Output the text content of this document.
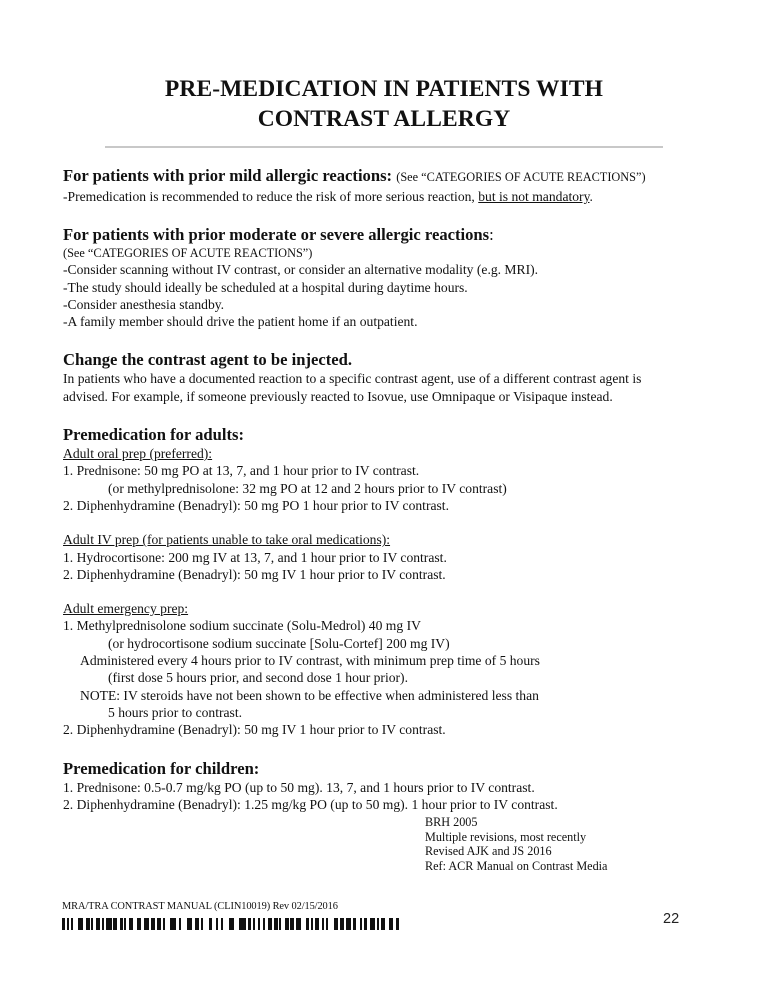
PRE-MEDICATION IN PATIENTS WITH
CONTRAST ALLERGY
For patients with prior mild allergic reactions: (See “CATEGORIES OF ACUTE REACTIONS”)
-Premedication is recommended to reduce the risk of more serious reaction, but is not mandatory.
For patients with prior moderate or severe allergic reactions:
(See “CATEGORIES OF ACUTE REACTIONS”)
-Consider scanning without IV contrast, or consider an alternative modality (e.g. MRI).
-The study should ideally be scheduled at a hospital during daytime hours.
-Consider anesthesia standby.
-A family member should drive the patient home if an outpatient.
Change the contrast agent to be injected.
In patients who have a documented reaction to a specific contrast agent, use of a different contrast agent is
advised. For example, if someone previously reacted to Isovue, use Omnipaque or Visipaque instead.
Premedication for adults:
Adult oral prep (preferred):
1. Prednisone: 50 mg PO at 13, 7, and 1 hour prior to IV contrast.
(or methylprednisolone: 32 mg PO at 12 and 2 hours prior to IV contrast)
2. Diphenhydramine (Benadryl): 50 mg PO 1 hour prior to IV contrast.
Adult IV prep (for patients unable to take oral medications):
1. Hydrocortisone: 200 mg IV at 13, 7, and 1 hour prior to IV contrast.
2. Diphenhydramine (Benadryl): 50 mg IV 1 hour prior to IV contrast.
Adult emergency prep:
1. Methylprednisolone sodium succinate (Solu-Medrol) 40 mg IV
(or hydrocortisone sodium succinate [Solu-Cortef] 200 mg IV)
Administered every 4 hours prior to IV contrast, with minimum prep time of 5 hours
(first dose 5 hours prior, and second dose 1 hour prior).
NOTE: IV steroids have not been shown to be effective when administered less than
5 hours prior to contrast.
2. Diphenhydramine (Benadryl): 50 mg IV 1 hour prior to IV contrast.
Premedication for children:
1. Prednisone: 0.5-0.7 mg/kg PO (up to 50 mg). 13, 7, and 1 hours prior to IV contrast.
2. Diphenhydramine (Benadryl): 1.25 mg/kg PO (up to 50 mg). 1 hour prior to IV contrast.
BRH 2005
Multiple revisions, most recently
Revised AJK and JS 2016
Ref: ACR Manual on Contrast Media
MRA/TRA CONTRAST MANUAL (CLIN10019) Rev 02/15/2016
22
